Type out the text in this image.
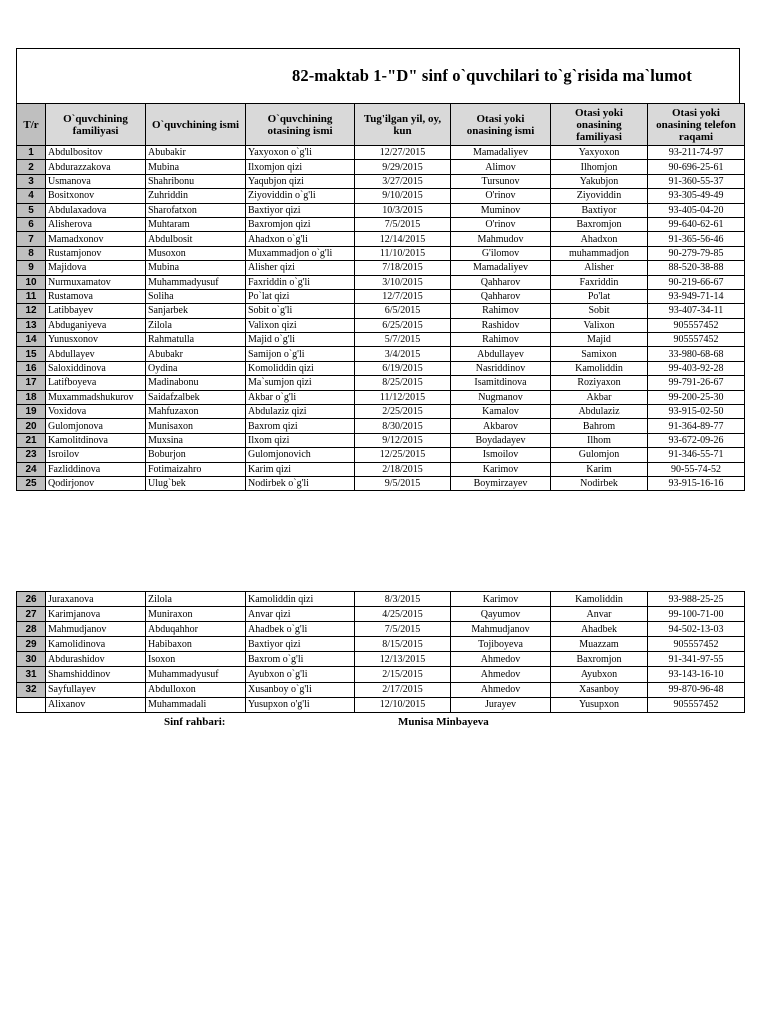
82-maktab 1-"D" sinf o`quvchilari to`g`risida ma`lumot
T/r	O`quvchining familiyasi	O`quvchining ismi	O`quvchining otasining ismi	Tug'ilgan yil, oy, kun	Otasi yoki onasining ismi	Otasi yoki onasining familiyasi	Otasi yoki onasining telefon raqami
1	Abdulbositov	Abubakir	Yaxyoxon o`g'li	12/27/2015	Mamadaliyev	Yaxyoxon	93-211-74-97
2	Abdurazzakova	Mubina	Ilxomjon qizi	9/29/2015	Alimov	Ilhomjon	90-696-25-61
3	Usmanova	Shahribonu	Yaqubjon qizi	3/27/2015	Tursunov	Yakubjon	91-360-55-37
4	Bositxonov	Zuhriddin	Ziyoviddin o`g'li	9/10/2015	O'rinov	Ziyoviddin	93-305-49-49
5	Abdulaxadova	Sharofatxon	Baxtiyor qizi	10/3/2015	Muminov	Baxtiyor	93-405-04-20
6	Alisherova	Muhtaram	Baxromjon qizi	7/5/2015	O'rinov	Baxromjon	99-640-62-61
7	Mamadxonov	Abdulbosit	Ahadxon o`g'li	12/14/2015	Mahmudov	Ahadxon	91-365-56-46
8	Rustamjonov	Musoxon	Muxammadjon o`g'li	11/10/2015	G'ilomov	muhammadjon	90-279-79-85
9	Majidova	Mubina	Alisher qizi	7/18/2015	Mamadaliyev	Alisher	88-520-38-88
10	Nurmuxamatov	Muhammadyusuf	Faxriddin o`g'li	3/10/2015	Qahharov	Faxriddin	90-219-66-67
11	Rustamova	Soliha	Po`lat qizi	12/7/2015	Qahharov	Po'lat	93-949-71-14
12	Latibbayev	Sanjarbek	Sobit o`g'li	6/5/2015	Rahimov	Sobit	93-407-34-11
13	Abduganiyeva	Zilola	Valixon qizi	6/25/2015	Rashidov	Valixon	905557452
14	Yunusxonov	Rahmatulla	Majid o`g'li	5/7/2015	Rahimov	Majid	905557452
15	Abdullayev	Abubakr	Samijon o`g'li	3/4/2015	Abdullayev	Samixon	33-980-68-68
16	Saloxiddinova	Oydina	Komoliddin qizi	6/19/2015	Nasriddinov	Kamoliddin	99-403-92-28
17	Latifboyeva	Madinabonu	Ma`sumjon qizi	8/25/2015	Isamitdinova	Roziyaxon	99-791-26-67
18	Muxammadshukurov	Saidafzalbek	Akbar o`g'li	11/12/2015	Nugmanov	Akbar	99-200-25-30
19	Voxidova	Mahfuzaxon	Abdulaziz qizi	2/25/2015	Kamalov	Abdulaziz	93-915-02-50
20	Gulomjonova	Munisaxon	Baxrom qizi	8/30/2015	Akbarov	Bahrom	91-364-89-77
21	Kamolitdinova	Muxsina	Ilxom qizi	9/12/2015	Boydadayev	Ilhom	93-672-09-26
23	Isroilov	Boburjon	Gulomjonovich	12/25/2015	Ismoilov	Gulomjon	91-346-55-71
24	Fazliddinova	Fotimaizahro	Karim qizi	2/18/2015	Karimov	Karim	90-55-74-52
25	Qodirjonov	Ulug`bek	Nodirbek o`g'li	9/5/2015	Boymirzayev	Nodirbek	93-915-16-16
26	Juraxanova	Zilola	Kamoliddin qizi	8/3/2015	Karimov	Kamoliddin	93-988-25-25
27	Karimjanova	Muniraxon	Anvar qizi	4/25/2015	Qayumov	Anvar	99-100-71-00
28	Mahmudjanov	Abduqahhor	Ahadbek o`g'li	7/5/2015	Mahmudjanov	Ahadbek	94-502-13-03
29	Kamolidinova	Habibaxon	Baxtiyor qizi	8/15/2015	Tojiboyeva	Muazzam	905557452
30	Abdurashidov	Isoxon	Baxrom o`g'li	12/13/2015	Ahmedov	Baxromjon	91-341-97-55
31	Shamshiddinov	Muhammadyusuf	Ayubxon o`g'li	2/15/2015	Ahmedov	Ayubxon	93-143-16-10
32	Sayfullayev	Abdulloxon	Xusanboy o`g'li	2/17/2015	Ahmedov	Xasanboy	99-870-96-48
	Alixanov	Muhammadali	Yusupxon o'g'li	12/10/2015	Jurayev	Yusupxon	905557452
Sinf rahbari:	Munisa Minbayeva
